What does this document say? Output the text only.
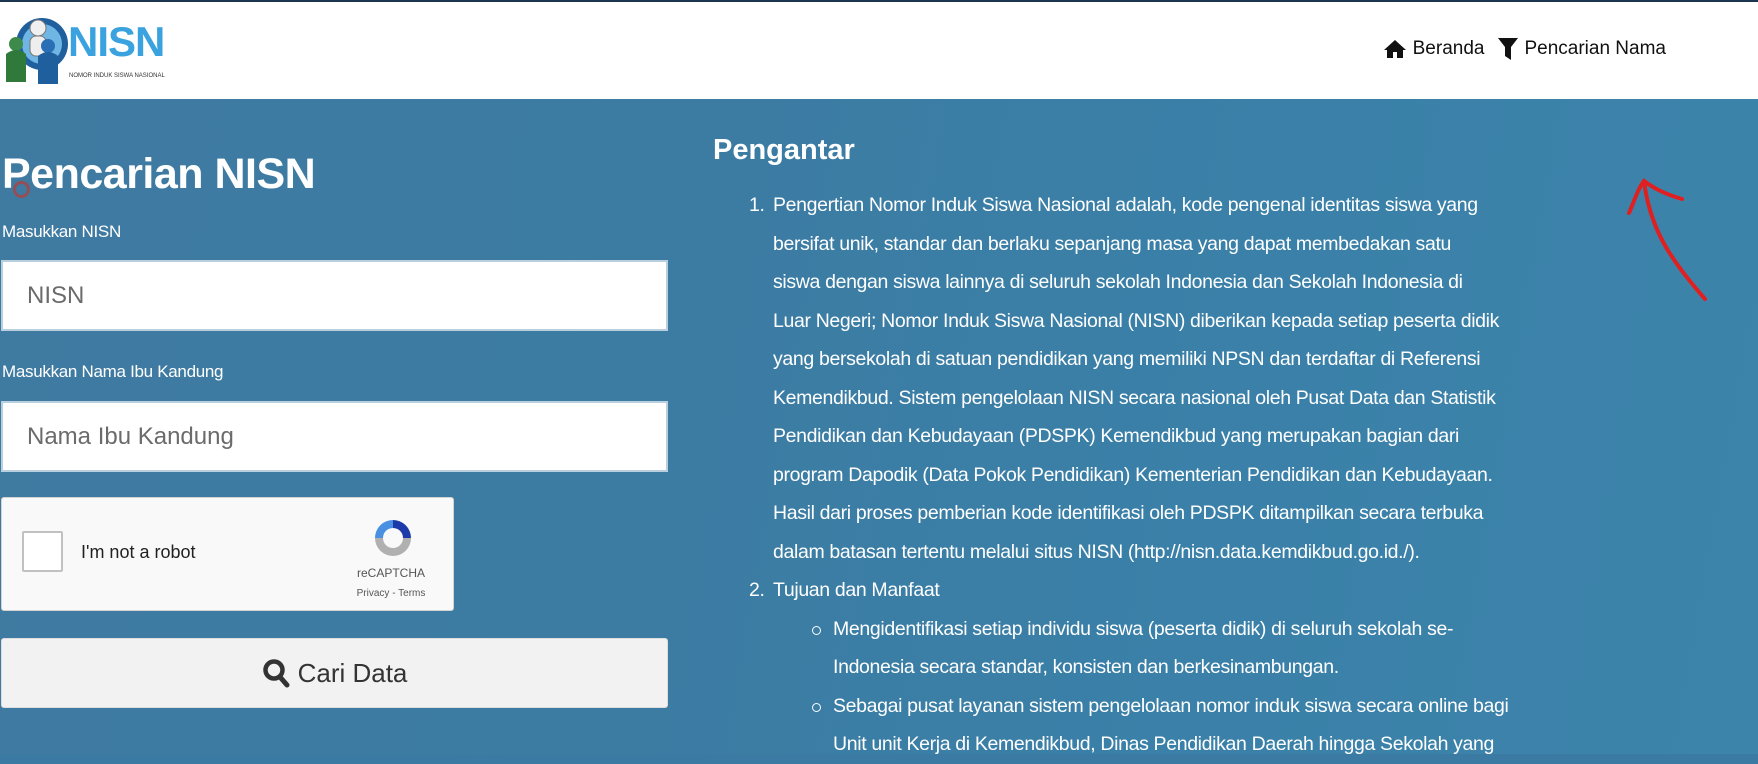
NISN
NOMOR INDUK SISWA NASIONAL
Beranda Pencarian Nama
Pencarian NISN
Masukkan NISN
NISN
Masukkan Nama Ibu Kandung
Nama Ibu Kandung
I'm not a robot
reCAPTCHA
Privacy - Terms
Cari Data
Pengantar
1. Pengertian Nomor Induk Siswa Nasional adalah, kode pengenal identitas siswa yang
bersifat unik, standar dan berlaku sepanjang masa yang dapat membedakan satu
siswa dengan siswa lainnya di seluruh sekolah Indonesia dan Sekolah Indonesia di
Luar Negeri; Nomor Induk Siswa Nasional (NISN) diberikan kepada setiap peserta didik
yang bersekolah di satuan pendidikan yang memiliki NPSN dan terdaftar di Referensi
Kemendikbud. Sistem pengelolaan NISN secara nasional oleh Pusat Data dan Statistik
Pendidikan dan Kebudayaan (PDSPK) Kemendikbud yang merupakan bagian dari
program Dapodik (Data Pokok Pendidikan) Kementerian Pendidikan dan Kebudayaan.
Hasil dari proses pemberian kode identifikasi oleh PDSPK ditampilkan secara terbuka
dalam batasan tertentu melalui situs NISN (http://nisn.data.kemdikbud.go.id./).
2. Tujuan dan Manfaat
Mengidentifikasi setiap individu siswa (peserta didik) di seluruh sekolah se-
Indonesia secara standar, konsisten dan berkesinambungan.
Sebagai pusat layanan sistem pengelolaan nomor induk siswa secara online bagi
Unit unit Kerja di Kemendikbud, Dinas Pendidikan Daerah hingga Sekolah yang
